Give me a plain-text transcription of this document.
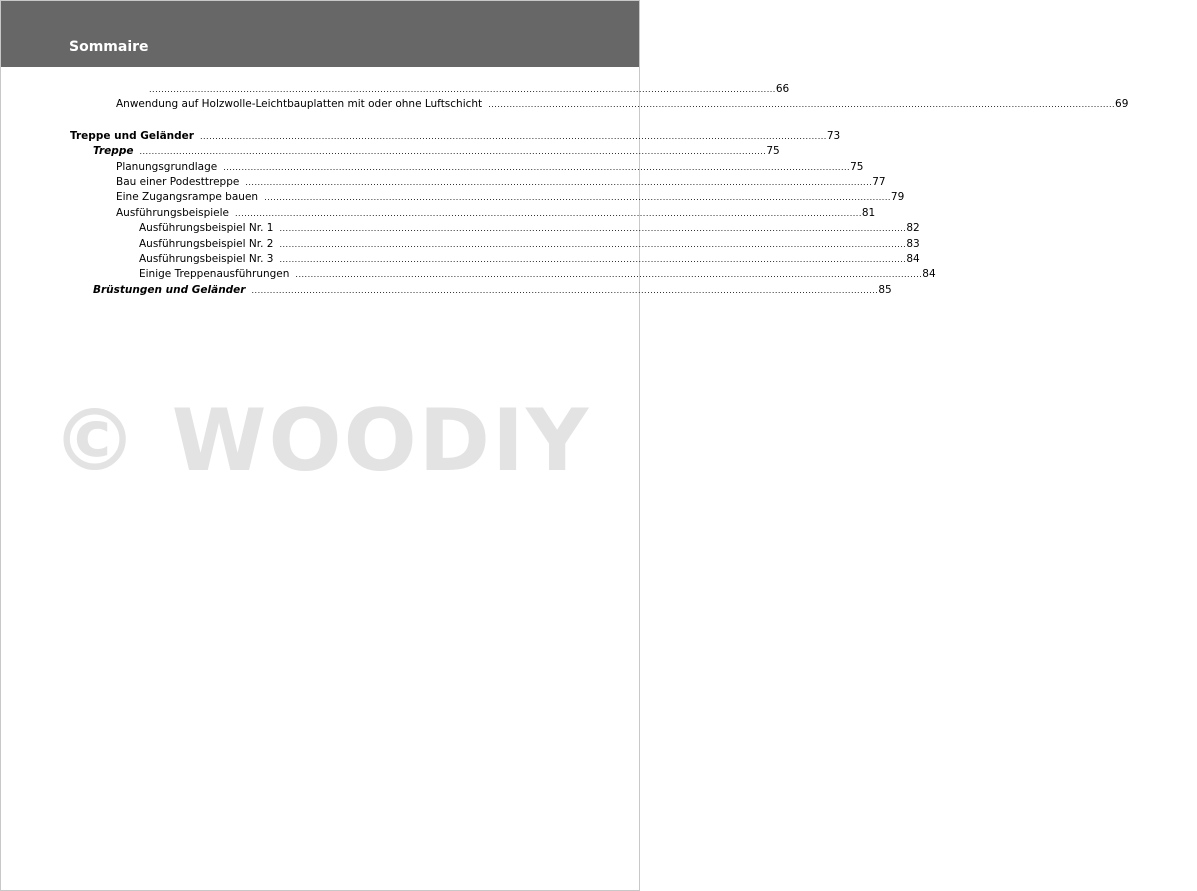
Sommaire
.............................................................................................................................................................................................................. 66
Anwendung auf Holzwolle-Leichtbauplatten mit oder ohne Luftschicht .............................................................................................................................................................................................................. 69
Treppe und Geländer .............................................................................................................................................................................................................. 73
Treppe .............................................................................................................................................................................................................. 75
Planungsgrundlage .............................................................................................................................................................................................................. 75
Bau einer Podesttreppe .............................................................................................................................................................................................................. 77
Eine Zugangsrampe bauen .............................................................................................................................................................................................................. 79
Ausführungsbeispiele .............................................................................................................................................................................................................. 81
Ausführungsbeispiel Nr. 1 .............................................................................................................................................................................................................. 82
Ausführungsbeispiel Nr. 2 .............................................................................................................................................................................................................. 83
Ausführungsbeispiel Nr. 3 .............................................................................................................................................................................................................. 84
Einige Treppenausführungen .............................................................................................................................................................................................................. 84
Brüstungen und Geländer .............................................................................................................................................................................................................. 85
© WOODIY
